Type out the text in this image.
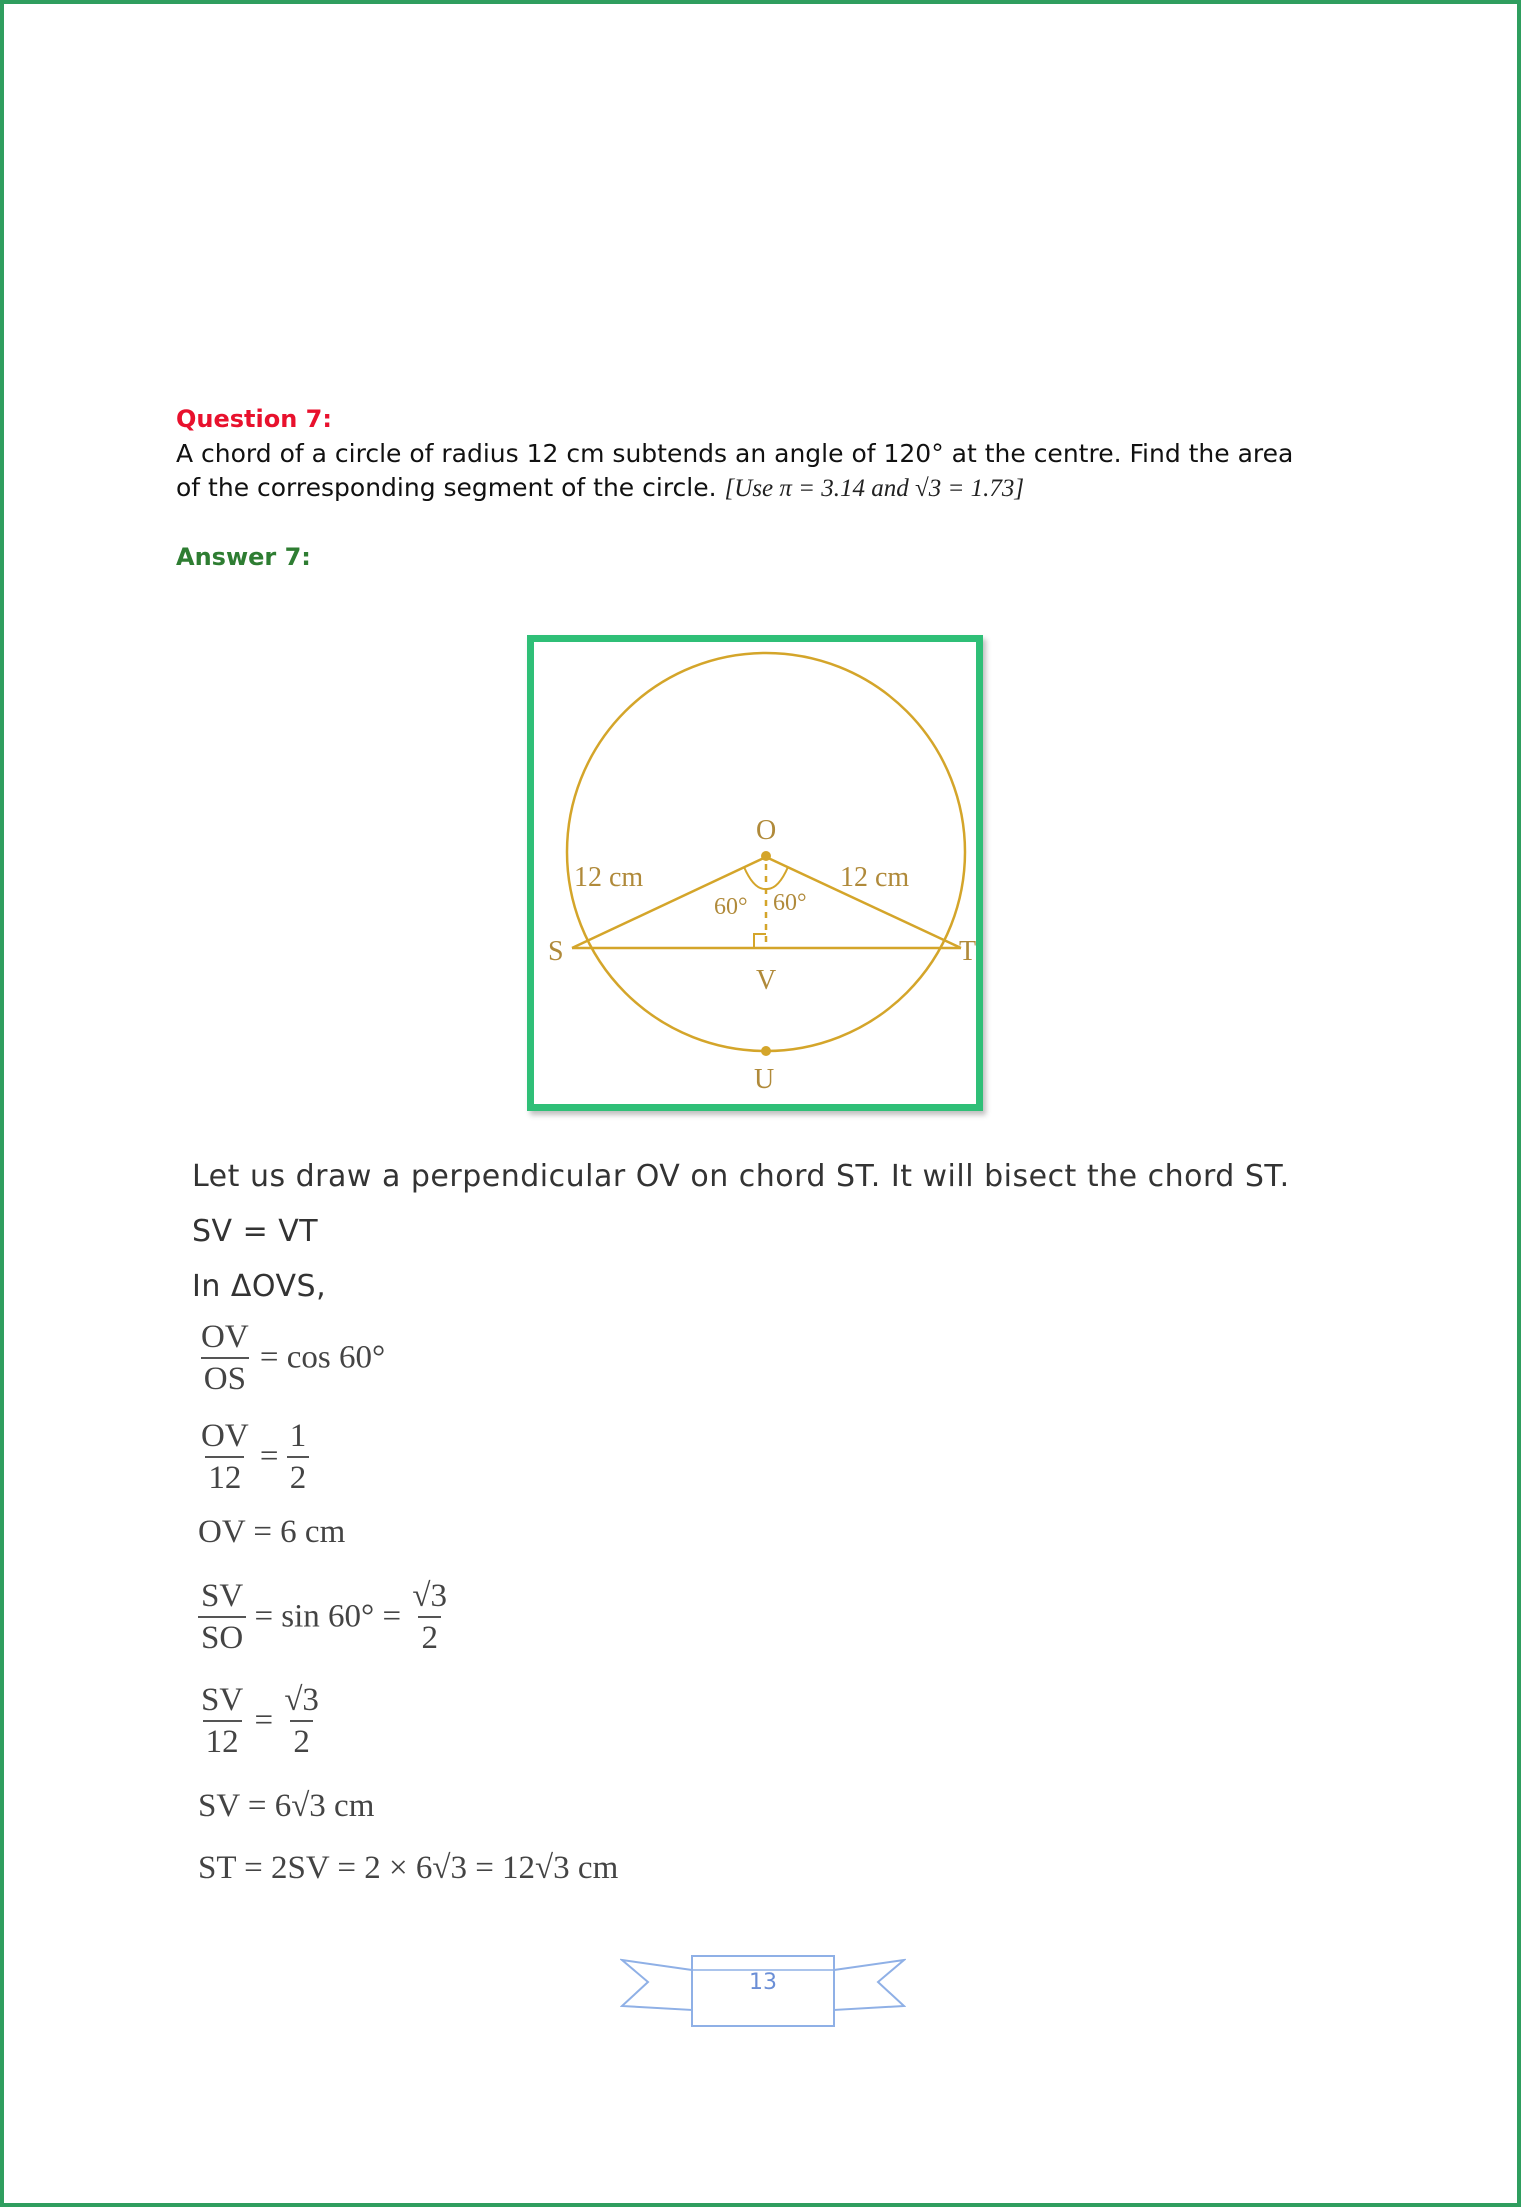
Question 7:
A chord of a circle of radius 12 cm subtends an angle of 120° at the centre. Find the area
of the corresponding segment of the circle. [Use π = 3.14 and √3 = 1.73]
Answer 7:
O
S	T
V
U
12 cm	12 cm
60° 60°
Let us draw a perpendicular OV on chord ST. It will bisect the chord ST.
SV = VT
In ΔOVS,
$\frac{OV}{OS} = \cos 60^\circ$
$\frac{OV}{12} = \frac{1}{2}$
OV = 6 cm
$\frac{SV}{SO} = \sin 60^\circ = \frac{√3}{2}$
$\frac{SV}{12} = \frac{√3}{2}$
SV = 6√3 cm
ST = 2SV = 2 × 6√3 = 12√3 cm
13
